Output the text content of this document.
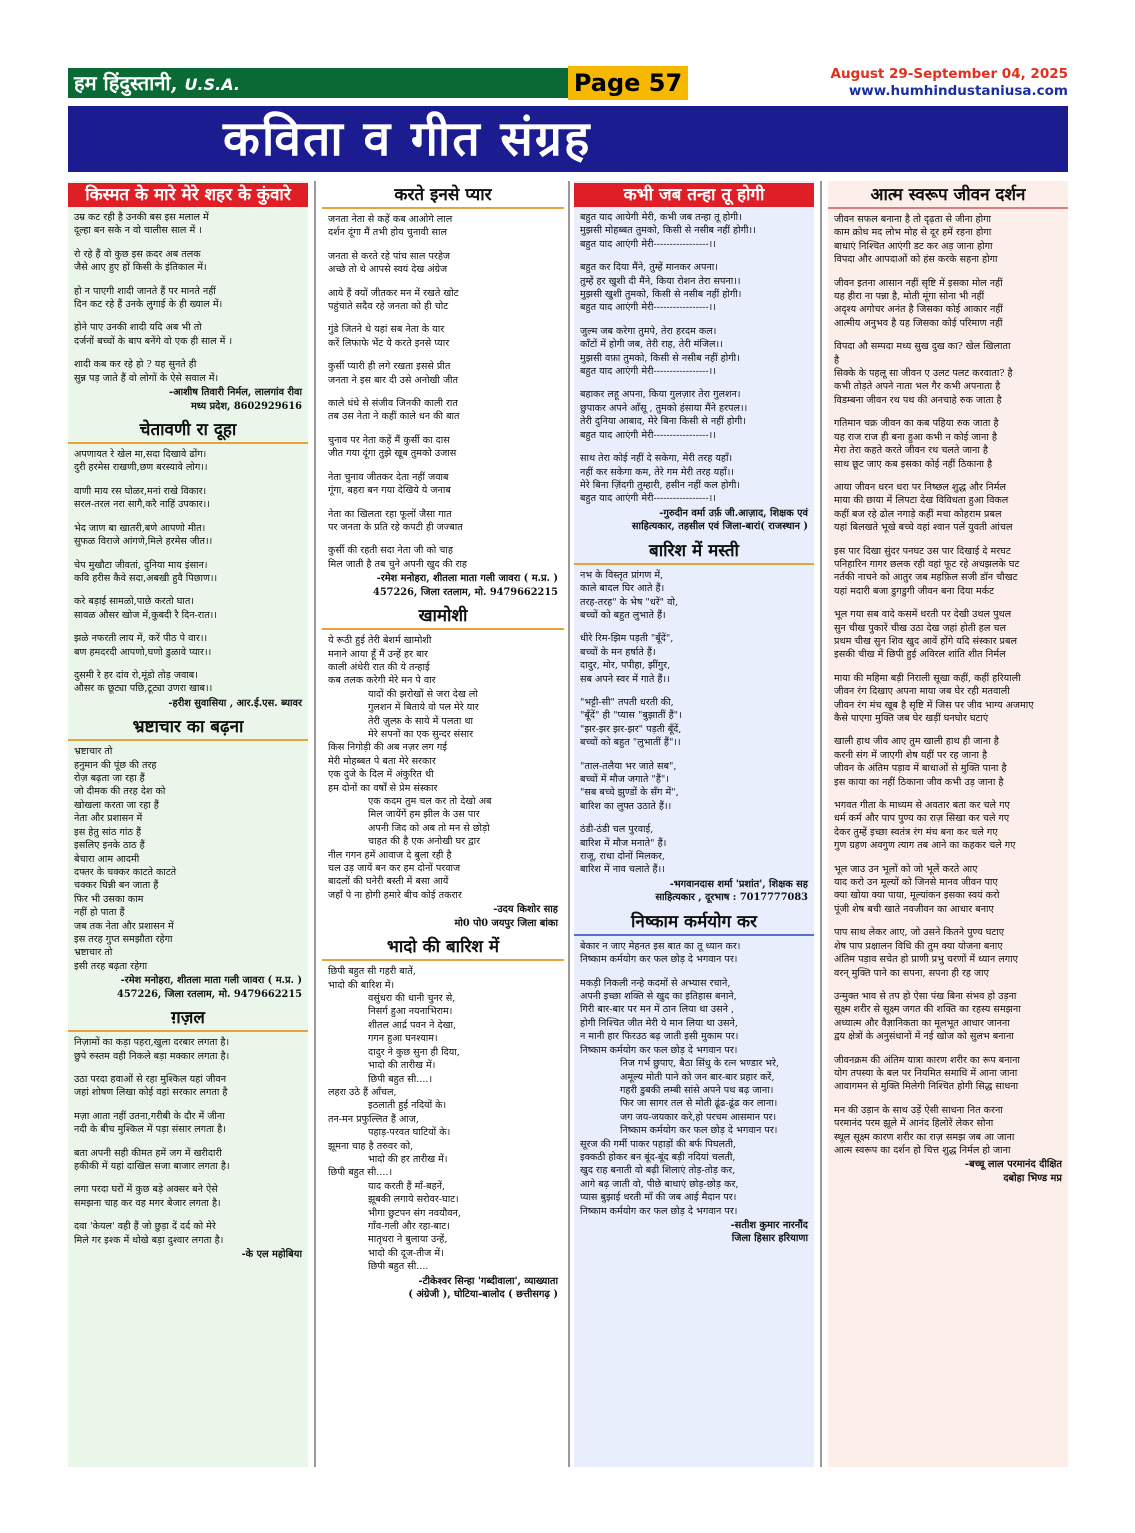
हम हिंदुस्तानी, U.S.A.	Page 57	August 29-September 04, 2025
www.humhindustaniusa.com
कविता व गीत संग्रह
किस्मत के मारे मेरे शहर के कुंवारे
उम्र कट रही है उनकी बस इस मलाल में
दूल्हा बन सके न वो चालीस साल में ।
रो रहे हैं वो कुछ इस क़दर अब तलक
जैसे आए हुए हों किसी के इंतिकाल में।
हो न पाएगी शादी जानते हैं पर मानते नहीं
दिन कट रहे हैं उनके लुगाई के ही ख्याल में।
होने पाए उनकी शादी यदि अब भी तो
दर्जनों बच्चों के बाप बनेंगे वो एक ही साल में ।
शादी कब कर रहे हो ? यह सुनते ही
सुन्न पड़ जाते हैं वो लोगों के ऐसे सवाल में।
-आशीष तिवारी निर्मल, लालगांव रीवा
मध्य प्रदेश, 8602929616
चेतावणी रा दूहा
अपणायत रे खेल मा,सदा दिखावे ढोंग।
दुरी हरमेस राखणी,छण बरस्यावे लोग।।
वाणी माय रस घोळर,मनां राखे विकार।
सरल-तरल नरा सागै,करै नाहिं उपकार।।
भेद जाण बा खातरी,बणे आपणो मीत।
सुफळ विराजे आंगणे,मिले हरमेस जीत।।
चेप मुखौटा जीवतां, दुनिया माय इंसान।
कवि हरीस कैवे सदा,अबखी हुवै पिछाण।।
करे बड़ाई सामळो,पाछे करतो घात।
सावळ औसर खोज में,कुबदी रै दिन-रात।।
झळे नफरती लाय में, करें पीठ पे वार।।
बण हमदरदी आपणो,घणो डुळावे प्यार।।
दुसमी रे हर दांव रो,मूंडो तोड़ जवाब।
औसर क छूट्या पछि,टूट्या उणरा खाब।।
-हरीश सुवासिया , आर.ई.एस. ब्यावर
भ्रष्टाचार का बढ़ना
भ्रष्टाचार तो
हनुमान की पूंछ की तरह
रोज़ बढ़ता जा रहा हैं
जो दीमक की तरह देश को
खोखला करता जा रहा हैं
नेता और प्रशासन में
इस हेतु सांठ गांठ हैं
इसलिए इनके ठाठ हैं
बेचारा आम आदमी
दफ्तर के चक्कर काटते काटते
चक्कर घिन्नी बन जाता हैं
फिर भी उसका काम
नहीं हो पाता हैं
जब तक नेता और प्रशासन में
इस तरह गुप्त समझौता रहेगा
भ्रष्टाचार तो
इसी तरह बढ़ता रहेगा
-रमेश मनोहरा, शीतला माता गली जावरा ( म.प्र. )
457226, जिला रतलाम, मो. 9479662215
ग़ज़ल
निज़ामों का कड़ा पहरा,खुला दरबार लगता है।
छुपे रुस्तम वही निकले बड़ा मक्कार लगता है।
उठा परदा हवाओं से रहा मुश्किल यहां जीवन
जहां शोषण लिखा कोई वहां सरकार लगता है
मज़ा आता नहीं उतना,गरीबी के दौर में जीना
नदी के बीच मुश्किल में पड़ा संसार लगता है।
बता अपनी सही कीमत हमें जग में खरीदारी
हकीकी में यहां दाखिल सजा बाजार लगता है।
लगा परदा घरों में कुछ बड़े अक्सर बने ऐसे
समझना चाह कर वह मगर बेजार लगता है।
दवा 'केयल' वही हैं जो छुड़ा दें दर्द को मेरे
मिले गर इश्क में धोखे बड़ा दुश्वार लगता है।
-के एल महोबिया
करते इनसे प्यार
जनता नेता से कहें कब आओगे लाल
दर्शन दूंगा मैं तभी होय चुनावी साल
जनता से करते रहे पांच साल परहेज
अच्छे तो थे आपसे स्वयं देख अंग्रेज
आये हैं क्यों जीतकर मन में रखते खोट
पहुंचाते सदैव रहे जनता को ही चोट
गुंडे जितने थे यहां सब नेता के यार
करें लिफाफे भेंट ये करते इनसे प्यार
कुर्सी प्यारी ही लगे रखता इससे प्रीत
जनता ने इस बार दी उसे अनोखी जीत
काले धंधे से संजीव जिनकी काली रात
तब उस नेता ने कहीं काले धन की बात
चुनाव पर नेता कहें मैं कुर्सी का दास
जीत गया दूंगा तुझे खूब तुमको उजास
नेता चुनाव जीतकर देता नहीं जवाब
गूंगा, बहरा बन गया देखिये ये जनाब
नेता का खिलता रहा फूलों जैसा गात
पर जनता के प्रति रहे कपटी ही जज्बात
कुर्सी की रहती सदा नेता जी को चाह
मिल जाती है तब चुने अपनी खुद की राह
-रमेश मनोहरा, शीतला माता गली जावरा ( म.प्र. )
457226, जिला रतलाम, मो. 9479662215
खामोशी
ये रूठी हुई तेरी बेशर्म खामोशी
मनाने आया हूँ मैं उन्हें हर बार
काली अंधेरी रात की ये तन्हाई
कब तलक करेगी मेरे मन पे वार
यादों की झरोखों से जरा देख लो
गुलशन में बिताये वो पल मेरे यार
तेरी ज़ुल्फ़ के साये में पलता था
मेरे सपनों का एक सुन्दर संसार
किस निगोड़ी की अब नज़र लग गई
मेरी मोहब्बत पे बता मेरे सरकार
एक दुजे के दिल में अंकुरित थी
हम दोनों का वर्षों से प्रेम संस्कार
एक कदम तुम चल कर तो देखो अब
मिल जायेंगें हम झील के उस पार
अपनी जिद को अब तो मन से छोड़ो
चाहत की है एक अनोखी घर द्वार
नील गगन हमें आवाज दे बुला रही है
चल उड़ जायें बन कर हम दोनों परवाज
बादलों की घनेरी बस्ती में बसा आयें
जहाँ पे ना होगी हमारे बीच कोई तकरार
-उदय किशोर साह
मो0 पो0 जयपुर जिला बांका
भादो की बारिश में
छिपी बहुत सी गहरी बातें,
भादो की बारिश में।
वसुंधरा की धानी चुनर से,
निसर्ग हुआ नयनाभिराम।
शीतल आर्द्र पवन ने देखा,
गगन हुआ घनश्याम।
दादुर ने कुछ सुना ही दिया,
भादो की तारीख में।
छिपी बहुत सी....।
लहरा उठे हैं आँचल,
इठलाती हुई नदियों के।
तन-मन प्रफुल्लित हैं आज,
पहाड़-परवत घाटियों के।
झूमना चाह है तरुवर को,
भादो की हर तारीख में।
छिपी बहुत सी....।
याद करती हैं माँ-बहनें,
झूबकी लगाये सरोवर-घाट।
भीगा छुटपन संग नवयौवन,
गाँव-गली और रहा-बाट।
मातृधरा ने बुलाया उन्हें,
भादो की दूज-तीज में।
छिपी बहुत सी....
-टीकेश्वर सिन्हा 'गब्दीवाला', व्याख्याता
( अंग्रेजी ), घोटिया-बालोद ( छत्तीसगढ़ )
कभी जब तन्हा तू होगी
बहुत याद आयेगी मेरी, कभी जब तन्हा तू होगी।
मुझसी मोहब्बत तुमको, किसी से नसीब नहीं होगी।।
बहुत याद आएंगी मेरी-----------------।।
बहुत कर दिया मैंने, तुम्हें मानकर अपना।
तुम्हें हर खुशी दी मैंने, किया रोशन तेरा सपना।।
मुझसी खुशी तुमको, किसी से नसीब नहीं होगी।
बहुत याद आएंगी मेरी-----------------।।
जुल्म जब करेगा तुमपे, तेरा हरदम कल।
काँटों में होगी जब, तेरी राह, तेरी मंजिल।।
मुझसी वफ़ा तुमको, किसी से नसीब नहीं होगी।
बहुत याद आएंगी मेरी-----------------।।
बहाकर लहू अपना, किया गुलज़ार तेरा गुलशन।
छुपाकर अपने आँसू , तुमको हंसाया मैंने हरपल।।
तेरी दुनिया आबाद, मेरे बिना किसी से नहीं होगी।
बहुत याद आएंगी मेरी-----------------।।
साथ तेरा कोई नहीं दे सकेगा, मेरी तरह यहाँ।
नहीं कर सकेगा कम, तेरे गम मेरी तरह यहाँ।।
मेरे बिना ज़िंदगी तुम्हारी, हसीन नहीं कल होगी।
बहुत याद आएंगी मेरी-----------------।।
-गुरुदीन वर्मा उर्फ़ जी.आज़ाद, शिक्षक एवं
साहित्यकार, तहसील एवं जिला-बारां( राजस्थान )
बारिश में मस्ती
नभ के विस्तृत प्रांगण में,
काले बादल घिर आते हैं।
तरह-तरह" के भेष "धरें" वो,
बच्चों को बहुत लुभाते हैं।
धीरे रिम-झिम पड़ती "बूँदें",
बच्चों के मन हर्षाते हैं।
दादुर, मोर, पपीहा, झींगुर,
सब अपने स्वर में गाते हैं।।
"भट्टी-सी" तपती धरती की,
"बूँदें" ही "प्यास "बुझातीं हैं"।
"झर-झर झर-झर" पड़ती बूँदें,
बच्चों को बहुत "लुभातीं हैं"।।
"ताल-तलैया भर जाते सब",
बच्चों में मौज जगाते "हैं"।
"सब बच्चे झुण्डों के सँग में",
बारिश का लुफ्त उठाते हैं।।
ठंडी-ठंडी चल पुरवाई,
बारिश में मौज मनाते" हैं।
राजू, राधा दोनों मिलकर,
बारिश में नाव चलाते हैं।।
-भगवानदास शर्मा 'प्रशांत', शिक्षक सह
साहित्यकार , दूरभाष : 7017777083
निष्काम कर्मयोग कर
बेकार न जाए मेहनत इस बात का तू ध्यान कर।
निष्काम कर्मयोग कर फल छोड़ दे भगवान पर।
मकड़ी निकली नन्हे कदमों से अभ्यास रचाने,
अपनी इच्छा शक्ति से खुद का इतिहास बनाने,
गिरी बार-बार पर मन में ठान लिया था उसने ,
होगी निश्चित जीत मेरी ये मान लिया था उसने,
न मानी हार फिरउठ बढ़ जाती इसी मुकाम पर।
निष्काम कर्मयोग कर फल छोड़ दे भगवान पर।
निज गर्भ छुपाए, बैठा सिंधु के रत्न भण्डार भरे,
अमूल्य मोती पाने को जन बार-बार प्रहार करें,
गहरी डुबकी लम्बी सांसे अपने पथ बढ़ जाना।
फिर जा सागर तल से मोती ढूंढ-ढूंढ कर लाना।
जग जय-जयकार करे,हो परचम आसमान पर।
निष्काम कर्मयोग कर फल छोड़ दे भगवान पर।
सूरज की गर्मी पाकर पहाड़ों की बर्फ पिघलती,
इक्कठी होकर बन बूंद-बूंद बड़ी नदियां चलती,
खुद राह बनाती वो बढ़ी शिलाएं तोड़-तोड़ कर,
आगे बढ़ जाती वो, पीछे बाधाएं छोड़-छोड़ कर,
प्यास बुझाई धरती माँ की जब आई मैदान पर।
निष्काम कर्मयोग कर फल छोड़ दे भगवान पर।
-सतीश कुमार नारनौंद
जिला हिसार हरियाणा
आत्म स्वरूप जीवन दर्शन
जीवन सफल बनाना है तो दृढ़ता से जीना होगा
काम क्रोध मद लोभ मोह से दूर हमें रहना होगा
बाधाएं निश्चित आएंगी डट कर अड़ जाना होगा
विपदा और आपदाओं को हंस करके सहना होगा
जीवन इतना आसान नहीं सृष्टि में इसका मोल नहीं
यह हीरा ना पन्ना है, मोती मूंगा सोना भी नहीं
अदृश्य अगोचर अनंत है जिसका कोई आकार नहीं
आत्मीय अनुभव है यह जिसका कोई परिमाण नहीं
विपदा औ सम्पदा मध्य सुख दुख का? खेल खिलाता
है
सिक्के के पहलू सा जीवन ए उलट पलट करवाता? है
कभी तोड़ते अपने नाता भल गैर कभी अपनाता है
विडम्बना जीवन रथ पथ की अनचाहे रुक जाता है
गतिमान चक्र जीवन का कब पहिया रुक जाता है
यह राज राज ही बना हुआ कभी न कोई जाना है
मेरा तेरा कहते करते जीवन रथ चलते जाना है
साथ छूट जाए कब इसका कोई नहीं ठिकाना है
आया जीवन धरन धरा पर निष्छल शुद्ध और निर्मल
माया की छाया में लिपटा देख विविधता हुआ विकल
कहीं बज रहे ढोल नगाड़े कहीं मचा कोहराम प्रबल
यहां बिलखते भूखे बच्चे वहां श्वान पलें युवती आंचल
इस पार दिखा सुंदर पनघट उस पार दिखाई दे मरघट
पनिहारिन गागर छलक रही वहां फूट रहे अधझलके घट
नर्तकी नाचने को आतुर जब महफ़िल सजी डॉन चौखट
यहां मदारी बजा डुगडुगी जीवन बना दिया मर्कट
भूल गया सब वादे कसमें धरती पर देखी उथल पुथल
सुन चीख पुकारें चीख उठा देख जहां होती हल चल
प्रथम चीख सुन शिव खुद आवें होंगे यदि संस्कार प्रबल
इसकी चीख में छिपी हुई अविरल शांति शीत निर्मल
माया की महिमा बड़ी निराली सूखा कहीं, कहीं हरियाली
जीवन रंग दिखाए अपना माया जब घेर रही मतवाली
जीवन रंग मंच खूब है सृष्टि में जिस पर जीव भाग्य अजमाए
कैसे पाएगा मुक्ति जब घेर खड़ीं घनघोर घटाएं
खाली हाथ जीव आए तुम खाली हाथ ही जाना है
करनी संग में जाएगी शेष यहीं पर रह जाना है
जीवन के अंतिम पड़ाव में बाधाओं से मुक्ति पाना है
इस काया का नहीं ठिकाना जीव कभी उड़ जाना है
भगवत गीता के माध्यम से अवतार बता कर चले गए
धर्म कर्म और पाप पुण्य का राज़ सिखा कर चले गए
देकर तुम्हें इच्छा स्वतंत्र रंग मंच बना कर चले गए
गुण ग्रहण अवगुण त्याग तब आने का कहकर चले गए
भूल जाउ उन भूलों को जो भूलें करते आए
याद करो उन मूल्यों को जिनसे मानव जीवन पाए
क्या खोया क्या पाया, मूल्यांकन इसका स्वयं करो
पूंजी शेष बची खाते नवजीवन का आधार बनाए
पाप साथ लेकर आए, जो उसने कितने पुण्य घटाए
शेष पाप प्रक्षालन विधि की तुम क्या योजना बनाए
अंतिम पड़ाव सचेत हो प्राणी प्रभु चरणों में ध्यान लगाए
वरन् मुक्ति पाने का सपना, सपना ही रह जाए
उन्मुक्त भाव से तप हो ऐसा पंख बिना संभव हो उड़ना
सूक्ष्म शरीर से सूक्ष्म जगत की शक्ति का रहस्य समझना
अध्यात्म और वैज्ञानिकता का मूलभूत आधार जानना
द्वय क्षेत्रों के अनुसंधानों में नई खोज को सुलभ बनाना
जीवनक्रम की अंतिम यात्रा कारण शरीर का रूप बनाना
योग तपस्या के बल पर नियमित समाधि में आना जाना
आवागमन से मुक्ति मिलेगी निश्चित होगी सिद्ध साधना
मन की उड़ान के साथ उड़ें ऐसी साधना नित करना
परमानंद परम झूले में आनंद हिलोरें लेकर सोना
स्थूल सूक्ष्म कारण शरीर का राज़ समझ जब आ जाना
आत्म स्वरूप का दर्शन हो चित्त शुद्ध निर्मल हो जाना
-बच्चू लाल परमानंद दीक्षित
दबोहा भिण्ड मप्र
